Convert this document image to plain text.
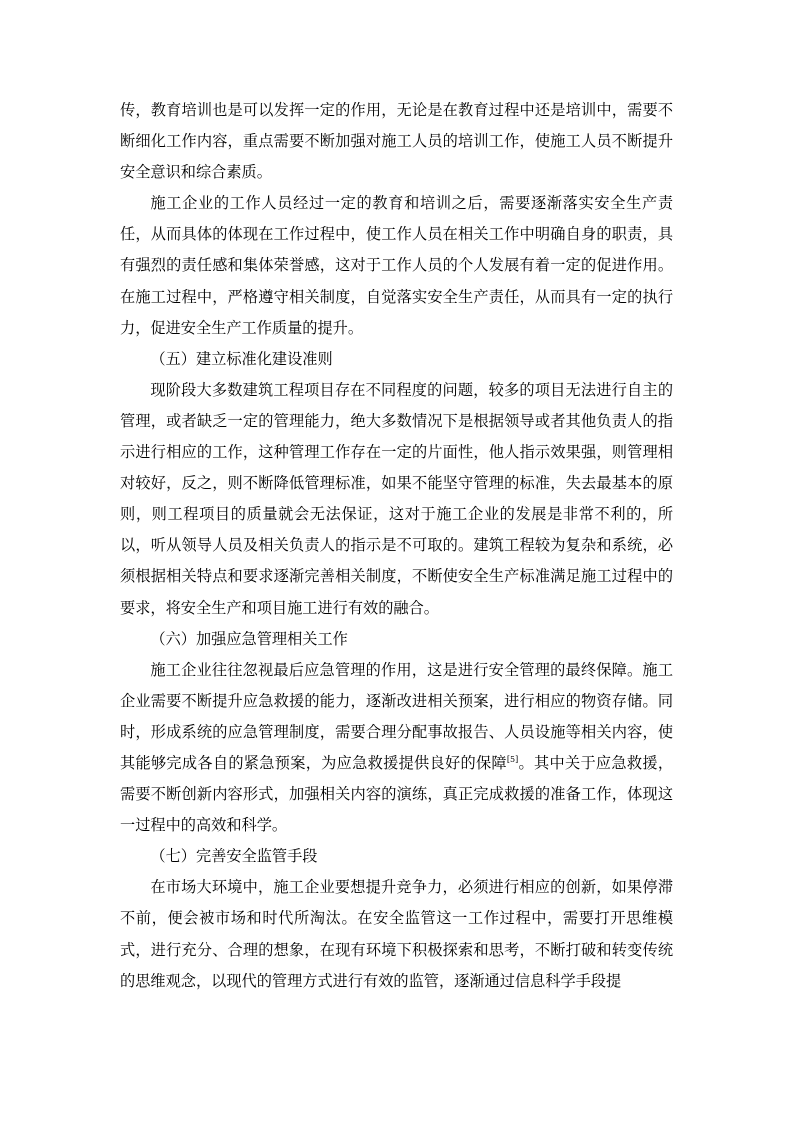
传，教育培训也是可以发挥一定的作用，无论是在教育过程中还是培训中，需要不断细化工作内容，重点需要不断加强对施工人员的培训工作，使施工人员不断提升安全意识和综合素质。

施工企业的工作人员经过一定的教育和培训之后，需要逐渐落实安全生产责任，从而具体的体现在工作过程中，使工作人员在相关工作中明确自身的职责，具有强烈的责任感和集体荣誉感，这对于工作人员的个人发展有着一定的促进作用。在施工过程中，严格遵守相关制度，自觉落实安全生产责任，从而具有一定的执行力，促进安全生产工作质量的提升。

（五）建立标准化建设准则

现阶段大多数建筑工程项目存在不同程度的问题，较多的项目无法进行自主的管理，或者缺乏一定的管理能力，绝大多数情况下是根据领导或者其他负责人的指示进行相应的工作，这种管理工作存在一定的片面性，他人指示效果强，则管理相对较好，反之，则不断降低管理标准，如果不能坚守管理的标准，失去最基本的原则，则工程项目的质量就会无法保证，这对于施工企业的发展是非常不利的，所以，听从领导人员及相关负责人的指示是不可取的。建筑工程较为复杂和系统，必须根据相关特点和要求逐渐完善相关制度，不断使安全生产标准满足施工过程中的要求，将安全生产和项目施工进行有效的融合。

（六）加强应急管理相关工作

施工企业往往忽视最后应急管理的作用，这是进行安全管理的最终保障。施工企业需要不断提升应急救援的能力，逐渐改进相关预案，进行相应的物资存储。同时，形成系统的应急管理制度，需要合理分配事故报告、人员设施等相关内容，使其能够完成各自的紧急预案，为应急救援提供良好的保障[5]。其中关于应急救援，需要不断创新内容形式，加强相关内容的演练，真正完成救援的准备工作，体现这一过程中的高效和科学。

（七）完善安全监管手段

在市场大环境中，施工企业要想提升竞争力，必须进行相应的创新，如果停滞不前，便会被市场和时代所淘汰。在安全监管这一工作过程中，需要打开思维模式，进行充分、合理的想象，在现有环境下积极探索和思考，不断打破和转变传统的思维观念，以现代的管理方式进行有效的监管，逐渐通过信息科学手段提
